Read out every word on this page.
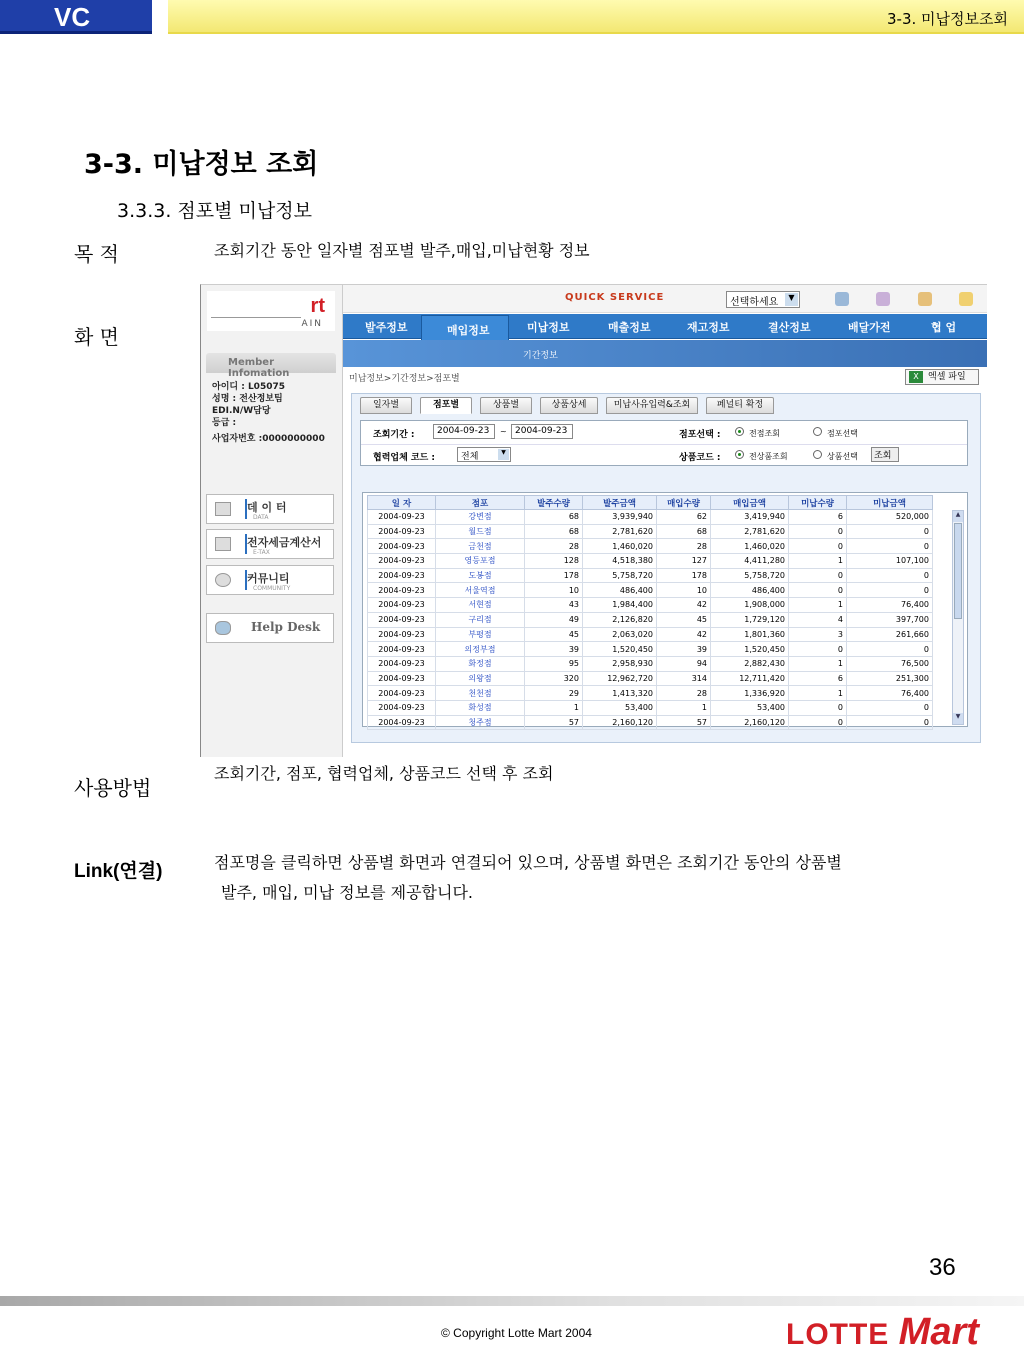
VC	3-3. 미납정보조회
3-3. 미납정보 조회
3.3.3. 점포별 미납정보
목 적	조회기간 동안 일자별 점포별 발주,매입,미납현황 정보
화 면
rt
AIN
Member Infomation
아이디 : L05075
성명 : 전산정보팀
EDI.N/W담당
등급 :
사업자번호 :0000000000
데 이 터
DATA
전자세금계산서
E-TAX
커뮤니티
COMMUNITY
Help Desk
QUICK SERVICE	선택하세요	▼
발주정보	매입정보	미납정보	매출정보	재고정보	결산정보	배달가전	협 업
기간정보
미납정보>기간정보>점포별	X	엑셀 파일
일자별	점포별	상품별	상품상세	미납사유입력&조회	페널티 확정
조회기간 :	2004-09-23	~ 2004-09-23
협력업체 코드 :	전체	▼
점포선택 :	전점조회	점포선택
상품코드 :	전상품조회	상품선택	조회
일 자	점포	발주수량	발주금액	매입수량	매입금액	미납수량	미납금액
2004-09-23	강변점	68	3,939,940	62	3,419,940	6	520,000
2004-09-23	월드점	68	2,781,620	68	2,781,620	0	0
2004-09-23	금천점	28	1,460,020	28	1,460,020	0	0
2004-09-23	영등포점	128	4,518,380	127	4,411,280	1	107,100
2004-09-23	도봉점	178	5,758,720	178	5,758,720	0	0
2004-09-23	서울역점	10	486,400	10	486,400	0	0
2004-09-23	서현점	43	1,984,400	42	1,908,000	1	76,400
2004-09-23	구리점	49	2,126,820	45	1,729,120	4	397,700
2004-09-23	부평점	45	2,063,020	42	1,801,360	3	261,660
2004-09-23	의정부점	39	1,520,450	39	1,520,450	0	0
2004-09-23	화정점	95	2,958,930	94	2,882,430	1	76,500
2004-09-23	의왕점	320	12,962,720	314	12,711,420	6	251,300
2004-09-23	천천점	29	1,413,320	28	1,336,920	1	76,400
2004-09-23	화성점	1	53,400	1	53,400	0	0
2004-09-23	청주점	57	2,160,120	57	2,160,120	0	0
▲
▼
사용방법
조회기간, 점포, 협력업체, 상품코드 선택 후 조회
Link(연결)	점포명을 클릭하면 상품별 화면과 연결되어 있으며, 상품별 화면은 조회기간 동안의 상품별
발주, 매입, 미납 정보를 제공합니다.
36
© Copyright Lotte Mart 2004	LOTTE Mart
